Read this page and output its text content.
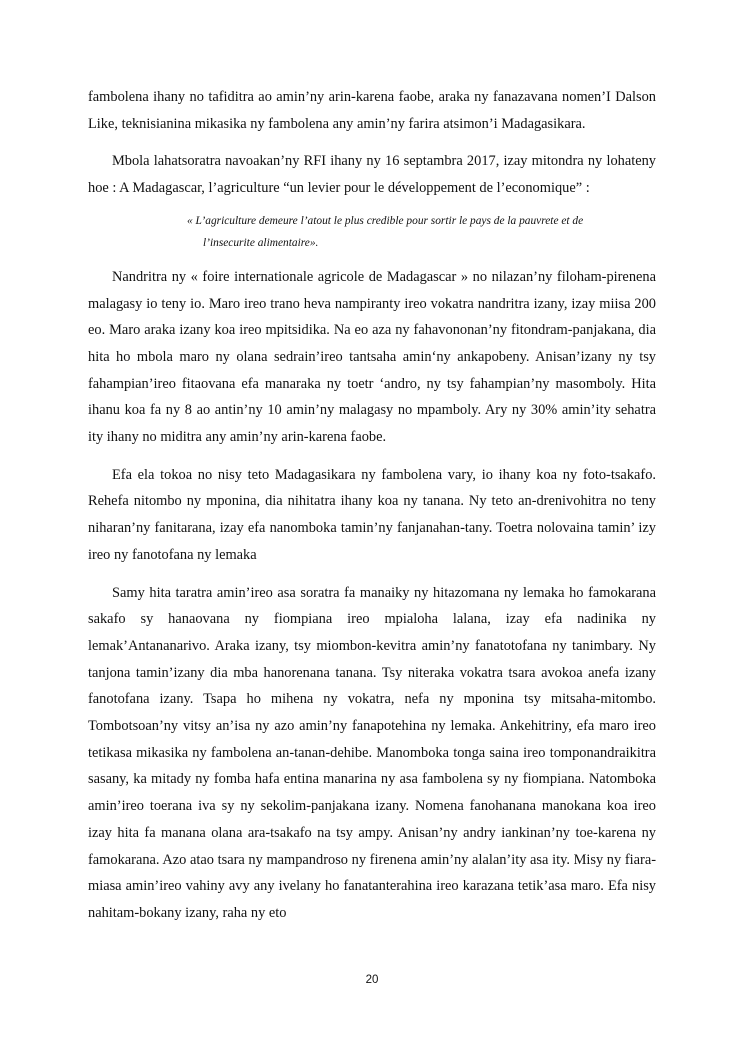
fambolena ihany no tafiditra ao amin’ny arin-karena faobe, araka ny fanazavana nomen’I Dalson Like, teknisianina mikasika ny fambolena any amin’ny farira atsimon’i Madagasikara.

Mbola lahatsoratra navoakan’ny RFI ihany ny 16 septambra 2017, izay mitondra ny lohateny hoe : A Madagascar, l’agriculture “un levier pour le développement de l’economique” :

« L’agriculture demeure l’atout le plus credible pour sortir le pays de la pauvrete et de
l’insecurite alimentaire».

Nandritra ny « foire internationale agricole de Madagascar » no nilazan’ny filoham-pirenena malagasy io teny io. Maro ireo trano heva nampiranty ireo vokatra nandritra izany, izay miisa 200 eo. Maro araka izany koa ireo mpitsidika. Na eo aza ny fahavononan’ny fitondram-panjakana, dia hita ho mbola maro ny olana sedrain’ireo tantsaha amin‘ny ankapobeny. Anisan’izany ny tsy fahampian’ireo fitaovana efa manaraka ny toetr ‘andro, ny tsy fahampian’ny masomboly. Hita ihanu koa fa ny 8 ao antin’ny 10 amin’ny malagasy no mpamboly. Ary ny 30% amin’ity sehatra ity ihany no miditra any amin’ny arin-karena faobe.

Efa ela tokoa no nisy teto Madagasikara ny fambolena vary, io ihany koa ny foto-tsakafo. Rehefa nitombo ny mponina, dia nihitatra ihany koa ny tanana. Ny teto an-drenivohitra no teny niharan’ny fanitarana, izay efa nanomboka tamin’ny fanjanahan-tany. Toetra nolovaina tamin’ izy ireo ny fanotofana ny lemaka

Samy hita taratra amin’ireo asa soratra fa manaiky ny hitazomana ny lemaka ho famokarana sakafo sy hanaovana ny fiompiana ireo mpialoha lalana, izay efa nadinika ny lemak’Antananarivo. Araka izany, tsy miombon-kevitra amin’ny fanatotofana ny tanimbary. Ny tanjona tamin’izany dia mba hanorenana tanana. Tsy niteraka vokatra tsara avokoa anefa izany fanotofana izany. Tsapa ho mihena ny vokatra, nefa ny mponina tsy mitsaha-mitombo. Tombotsoan’ny vitsy an’isa ny azo amin’ny fanapotehina ny lemaka. Ankehitriny, efa maro ireo tetikasa mikasika ny fambolena an-tanan-dehibe. Manomboka tonga saina ireo tomponandraikitra sasany, ka mitady ny fomba hafa entina manarina ny asa fambolena sy ny fiompiana. Natomboka amin’ireo toerana iva sy ny sekolim-panjakana izany. Nomena fanohanana manokana koa ireo izay hita fa manana olana ara-tsakafo na tsy ampy. Anisan’ny andry iankinan’ny toe-karena ny famokarana. Azo atao tsara ny mampandroso ny firenena amin’ny alalan’ity asa ity. Misy ny fiara-miasa amin’ireo vahiny avy any ivelany ho fanatanterahina ireo karazana tetik’asa maro. Efa nisy nahitam-bokany izany, raha ny eto

20
